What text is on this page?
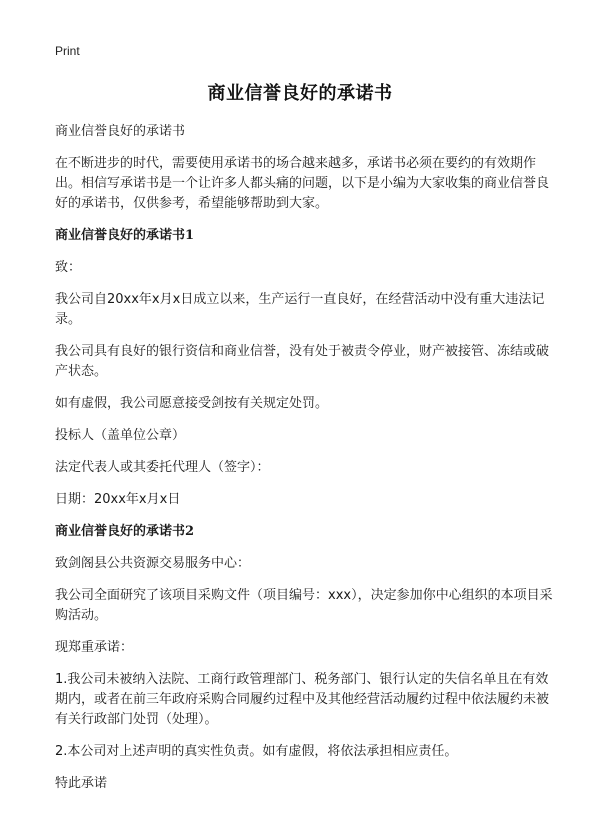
Print
商业信誉良好的承诺书

商业信誉良好的承诺书

在不断进步的时代，需要使用承诺书的场合越来越多，承诺书必须在要约的有效期作出。相信写承诺书是一个让许多人都头痛的问题，以下是小编为大家收集的商业信誉良好的承诺书，仅供参考，希望能够帮助到大家。

商业信誉良好的承诺书1

致：

我公司自20xx年x月x日成立以来，生产运行一直良好，在经营活动中没有重大违法记录。

我公司具有良好的银行资信和商业信誉，没有处于被责令停业，财产被接管、冻结或破产状态。

如有虚假，我公司愿意接受剑按有关规定处罚。

投标人（盖单位公章）

法定代表人或其委托代理人（签字）：

日期：20xx年x月x日

商业信誉良好的承诺书2

致剑阁县公共资源交易服务中心：

我公司全面研究了该项目采购文件（项目编号：xxx），决定参加你中心组织的本项目采购活动。

现郑重承诺：

1.我公司未被纳入法院、工商行政管理部门、税务部门、银行认定的失信名单且在有效期内，或者在前三年政府采购合同履约过程中及其他经营活动履约过程中依法履约未被有关行政部门处罚（处理）。

2.本公司对上述声明的真实性负责。如有虚假，将依法承担相应责任。

特此承诺
